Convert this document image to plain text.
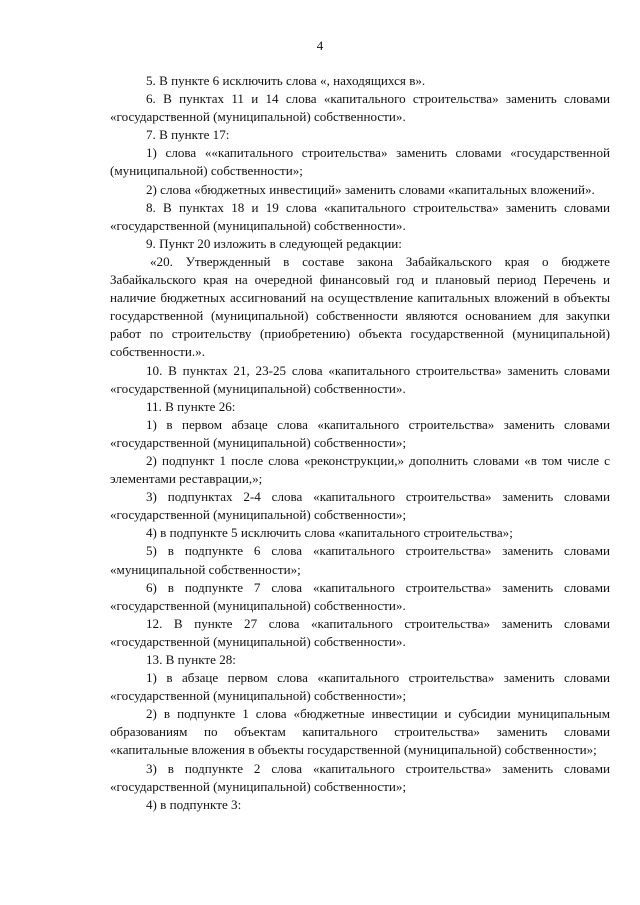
4

5. В пункте 6 исключить слова «, находящихся в».

6. В пунктах 11 и 14 слова «капитального строительства» заменить словами «государственной (муниципальной) собственности».

7. В пункте 17:

1) слова ««капитального строительства» заменить словами «государственной (муниципальной) собственности»;

2) слова «бюджетных инвестиций» заменить словами «капитальных вложений».

8. В пунктах 18 и 19 слова «капитального строительства» заменить словами «государственной (муниципальной) собственности».

9. Пункт 20 изложить в следующей редакции:

«20. Утвержденный в составе закона Забайкальского края о бюджете Забайкальского края на очередной финансовый год и плановый период Перечень и наличие бюджетных ассигнований на осуществление капитальных вложений в объекты государственной (муниципальной) собственности являются основанием для закупки работ по строительству (приобретению) объекта государственной (муниципальной) собственности.».

10. В пунктах 21, 23-25 слова «капитального строительства» заменить словами «государственной (муниципальной) собственности».

11. В пункте 26:

1) в первом абзаце слова «капитального строительства» заменить словами «государственной (муниципальной) собственности»;

2) подпункт 1 после слова «реконструкции,» дополнить словами «в том числе с элементами реставрации,»;

3) подпунктах 2-4 слова «капитального строительства» заменить словами «государственной (муниципальной) собственности»;

4) в подпункте 5 исключить слова «капитального строительства»;

5) в подпункте 6 слова «капитального строительства» заменить словами «муниципальной собственности»;

6) в подпункте 7 слова «капитального строительства» заменить словами «государственной (муниципальной) собственности».

12. В пункте 27 слова «капитального строительства» заменить словами «государственной (муниципальной) собственности».

13. В пункте 28:

1) в абзаце первом слова «капитального строительства» заменить словами «государственной (муниципальной) собственности»;

2) в подпункте 1 слова «бюджетные инвестиции и субсидии муниципальным образованиям по объектам капитального строительства» заменить словами «капитальные вложения в объекты государственной (муниципальной) собственности»;

3) в подпункте 2 слова «капитального строительства» заменить словами «государственной (муниципальной) собственности»;

4) в подпункте 3:
